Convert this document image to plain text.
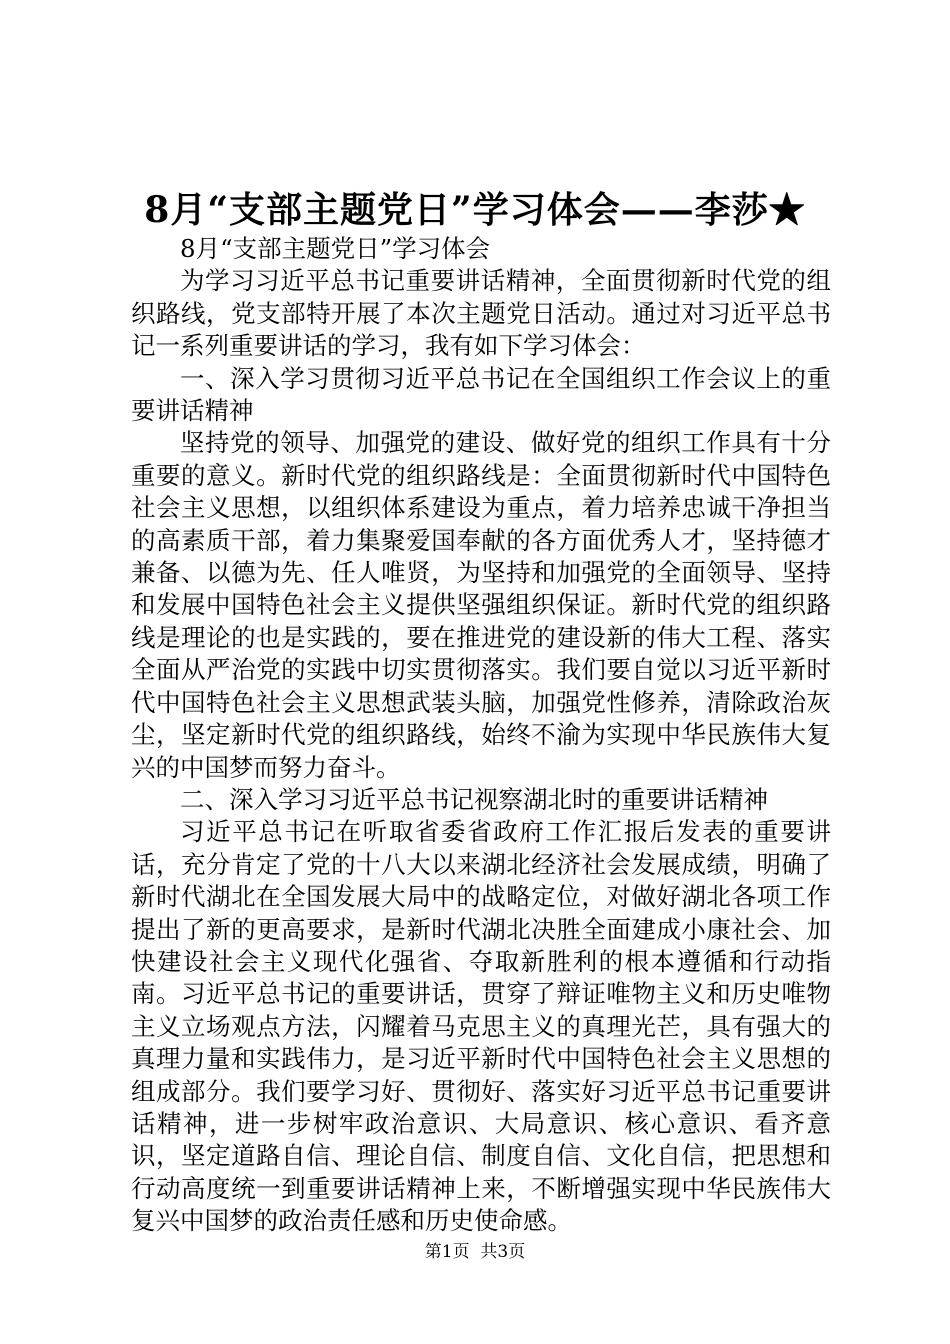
8月“支部主题党日”学习体会——李莎★

8月“支部主题党日”学习体会

为学习习近平总书记重要讲话精神，全面贯彻新时代党的组织路线，党支部特开展了本次主题党日活动。通过对习近平总书记一系列重要讲话的学习，我有如下学习体会：

一、深入学习贯彻习近平总书记在全国组织工作会议上的重要讲话精神

坚持党的领导、加强党的建设、做好党的组织工作具有十分重要的意义。新时代党的组织路线是：全面贯彻新时代中国特色社会主义思想，以组织体系建设为重点，着力培养忠诚干净担当的高素质干部，着力集聚爱国奉献的各方面优秀人才，坚持德才兼备、以德为先、任人唯贤，为坚持和加强党的全面领导、坚持和发展中国特色社会主义提供坚强组织保证。新时代党的组织路线是理论的也是实践的，要在推进党的建设新的伟大工程、落实全面从严治党的实践中切实贯彻落实。我们要自觉以习近平新时代中国特色社会主义思想武装头脑，加强党性修养，清除政治灰尘，坚定新时代党的组织路线，始终不渝为实现中华民族伟大复兴的中国梦而努力奋斗。

二、深入学习习近平总书记视察湖北时的重要讲话精神

习近平总书记在听取省委省政府工作汇报后发表的重要讲话，充分肯定了党的十八大以来湖北经济社会发展成绩，明确了新时代湖北在全国发展大局中的战略定位，对做好湖北各项工作提出了新的更高要求，是新时代湖北决胜全面建成小康社会、加快建设社会主义现代化强省、夺取新胜利的根本遵循和行动指南。习近平总书记的重要讲话，贯穿了辩证唯物主义和历史唯物主义立场观点方法，闪耀着马克思主义的真理光芒，具有强大的真理力量和实践伟力，是习近平新时代中国特色社会主义思想的组成部分。我们要学习好、贯彻好、落实好习近平总书记重要讲话精神，进一步树牢政治意识、大局意识、核心意识、看齐意识，坚定道路自信、理论自信、制度自信、文化自信，把思想和行动高度统一到重要讲话精神上来，不断增强实现中华民族伟大复兴中国梦的政治责任感和历史使命感。

第1页  共3页
